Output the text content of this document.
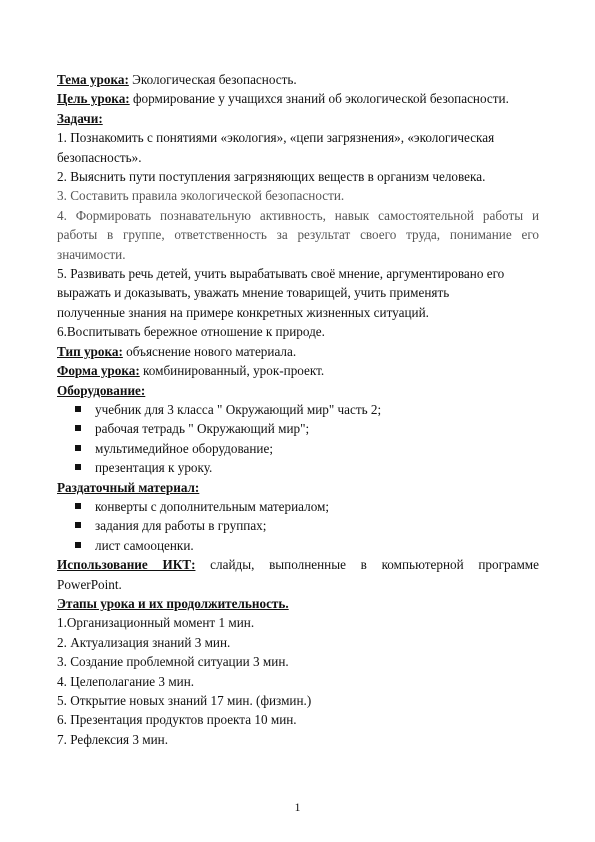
Тема урока: Экологическая безопасность.
Цель урока: формирование у учащихся знаний об экологической безопасности.
Задачи:
1. Познакомить с понятиями «экология», «цепи загрязнения», «экологическая
безопасность».
2. Выяснить пути поступления загрязняющих веществ в организм человека.
3. Составить правила экологической безопасности.
4. Формировать познавательную активность, навык самостоятельной работы и
работы в группе, ответственность за результат своего труда, понимание его
значимости.
5. Развивать речь детей, учить вырабатывать своё мнение, аргументировано его
выражать и доказывать, уважать мнение товарищей, учить применять
полученные знания на примере конкретных жизненных ситуаций.
6.Воспитывать бережное отношение к природе.
Тип урока: объяснение нового материала.
Форма урока: комбинированный, урок-проект.
Оборудование:
учебник для 3 класса " Окружающий мир" часть 2;
рабочая тетрадь " Окружающий мир";
мультимедийное оборудование;
презентация к уроку.
Раздаточный материал:
конверты с дополнительным материалом;
задания для работы в группах;
лист самооценки.
Использование ИКТ: слайды, выполненные в компьютерной программе
PowerPoint.
Этапы урока и их продолжительность.
1.Организационный момент 1 мин.
2. Актуализация знаний 3 мин.
3. Создание проблемной ситуации 3 мин.
4. Целеполагание 3 мин.
5. Открытие новых знаний 17 мин. (физмин.)
6. Презентация продуктов проекта 10 мин.
7. Рефлексия 3 мин.
1
